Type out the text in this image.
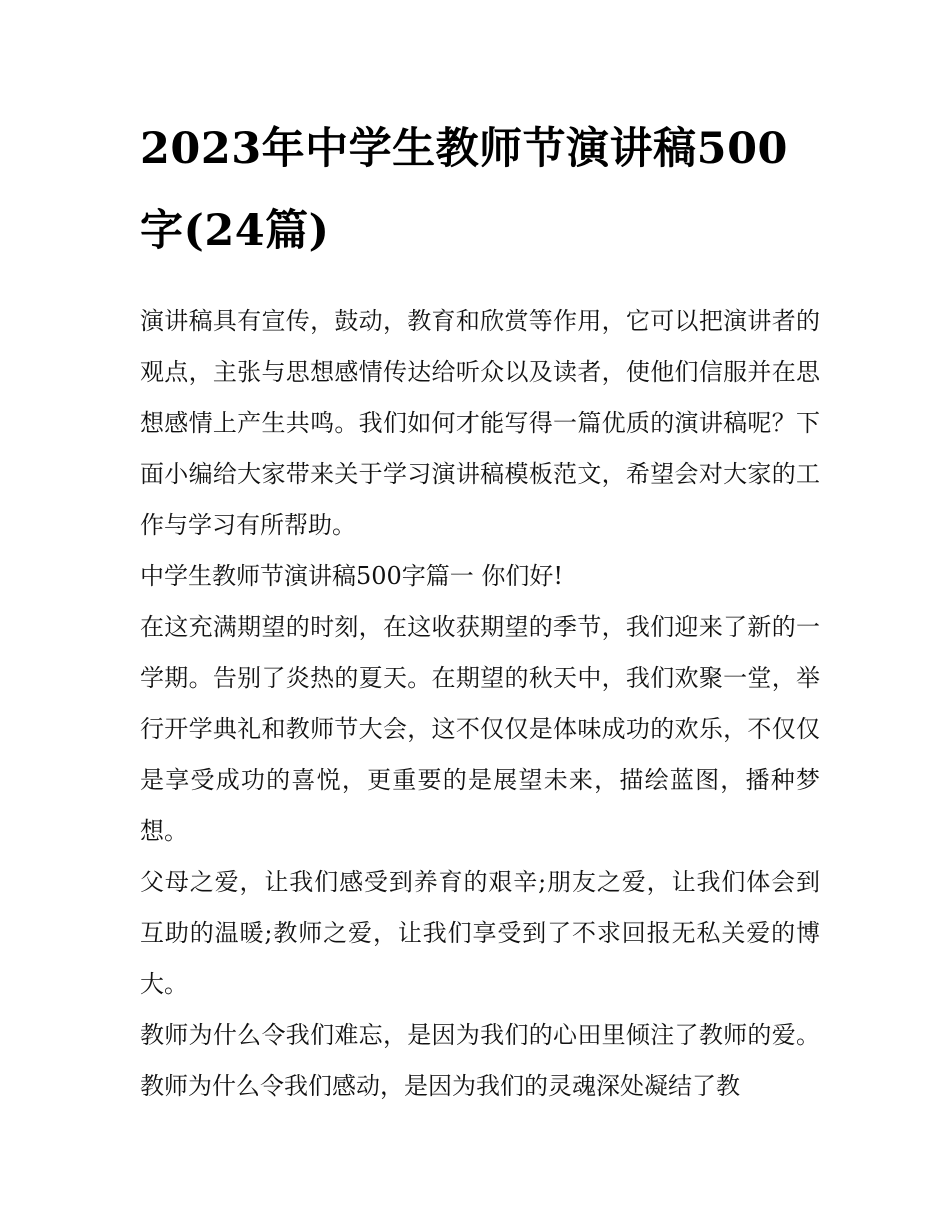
2023年中学生教师节演讲稿500字(24篇)

演讲稿具有宣传，鼓动，教育和欣赏等作用，它可以把演讲者的观点，主张与思想感情传达给听众以及读者，使他们信服并在思想感情上产生共鸣。我们如何才能写得一篇优质的演讲稿呢？下面小编给大家带来关于学习演讲稿模板范文，希望会对大家的工作与学习有所帮助。

中学生教师节演讲稿500字篇一 你们好!

在这充满期望的时刻，在这收获期望的季节，我们迎来了新的一学期。告别了炎热的夏天。在期望的秋天中，我们欢聚一堂，举行开学典礼和教师节大会，这不仅仅是体味成功的欢乐，不仅仅是享受成功的喜悦，更重要的是展望未来，描绘蓝图，播种梦想。

父母之爱，让我们感受到养育的艰辛;朋友之爱，让我们体会到互助的温暖;教师之爱，让我们享受到了不求回报无私关爱的博大。

教师为什么令我们难忘，是因为我们的心田里倾注了教师的爱。教师为什么令我们感动，是因为我们的灵魂深处凝结了教
